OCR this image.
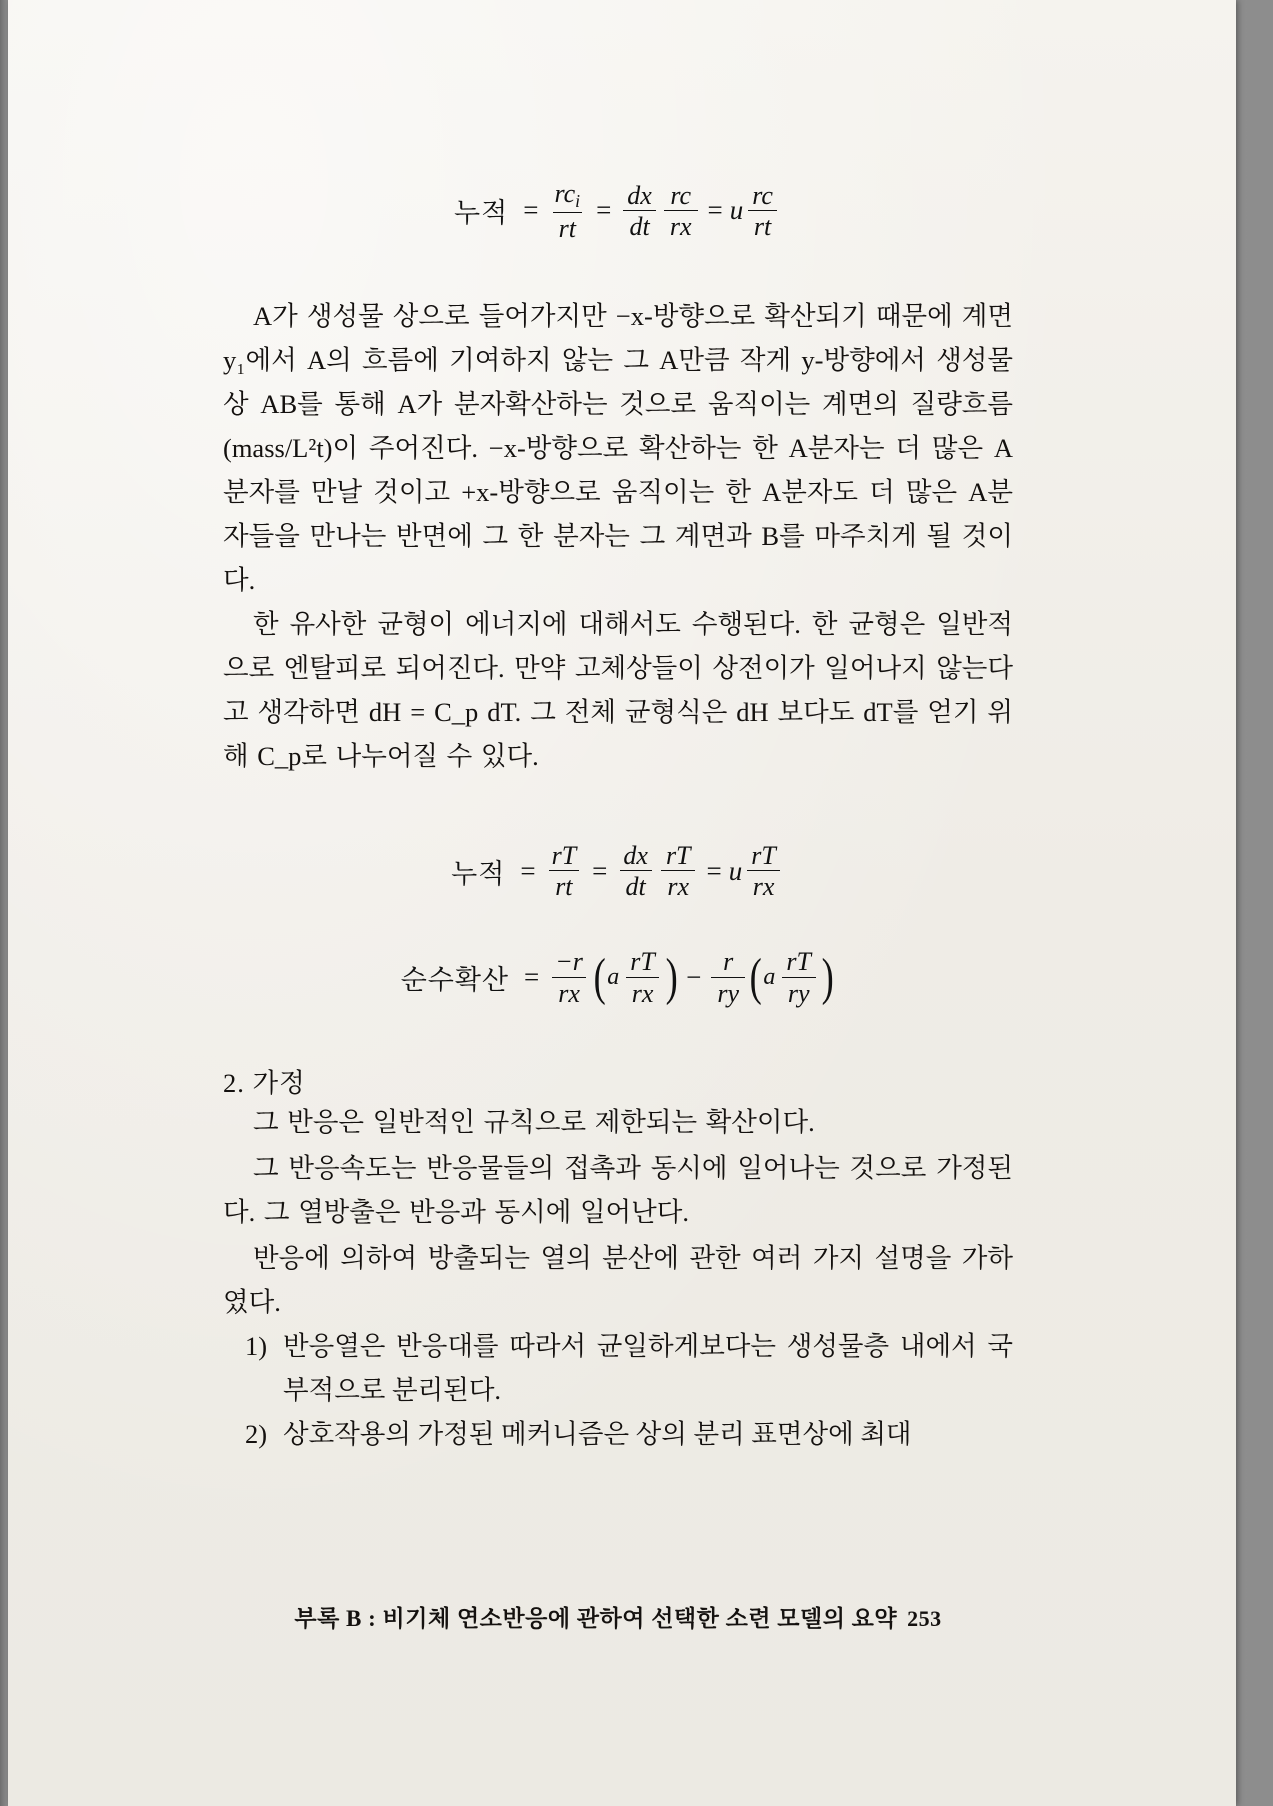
누적 = $\frac{rc_i}{rt} = \frac{dx}{dt} \frac{rc}{rx} = u \frac{rc}{rt}$

A가 생성물 상으로 들어가지만 −x-방향으로 확산되기 때문에 계면 y₁에서 A의 흐름에 기여하지 않는 그 A만큼 작게 y-방향에서 생성물상 AB를 통해 A가 분자확산하는 것으로 움직이는 계면의 질량흐름(mass/L²t)이 주어진다. −x-방향으로 확산하는 한 A분자는 더 많은 A분자를 만날 것이고 +x-방향으로 움직이는 한 A분자도 더 많은 A분자들을 만나는 반면에 그 한 분자는 그 계면과 B를 마주치게 될 것이다.

한 유사한 균형이 에너지에 대해서도 수행된다. 한 균형은 일반적으로 엔탈피로 되어진다. 만약 고체상들이 상전이가 일어나지 않는다고 생각하면 dH = C_p dT. 그 전체 균형식은 dH 보다도 dT를 얻기 위해 C_p로 나누어질 수 있다.

누적 = $\frac{rT}{rt} = \frac{dx}{dt} \frac{rT}{rx} = u \frac{rT}{rx}$
순수확산 = $\frac{-r}{rx}$ ( a $\frac{rT}{rx}$ ) − $\frac{r}{ry}$ ( a $\frac{rT}{ry}$ )
2. 가정

그 반응은 일반적인 규칙으로 제한되는 확산이다.

그 반응속도는 반응물들의 접촉과 동시에 일어나는 것으로 가정된다. 그 열방출은 반응과 동시에 일어난다.

반응에 의하여 방출되는 열의 분산에 관한 여러 가지 설명을 가하였다.

1) 반응열은 반응대를 따라서 균일하게보다는 생성물층 내에서 국부적으로 분리된다.
2) 상호작용의 가정된 메커니즘은 상의 분리 표면상에 최대
부록 B : 비기체 연소반응에 관하여 선택한 소련 모델의 요약 253
